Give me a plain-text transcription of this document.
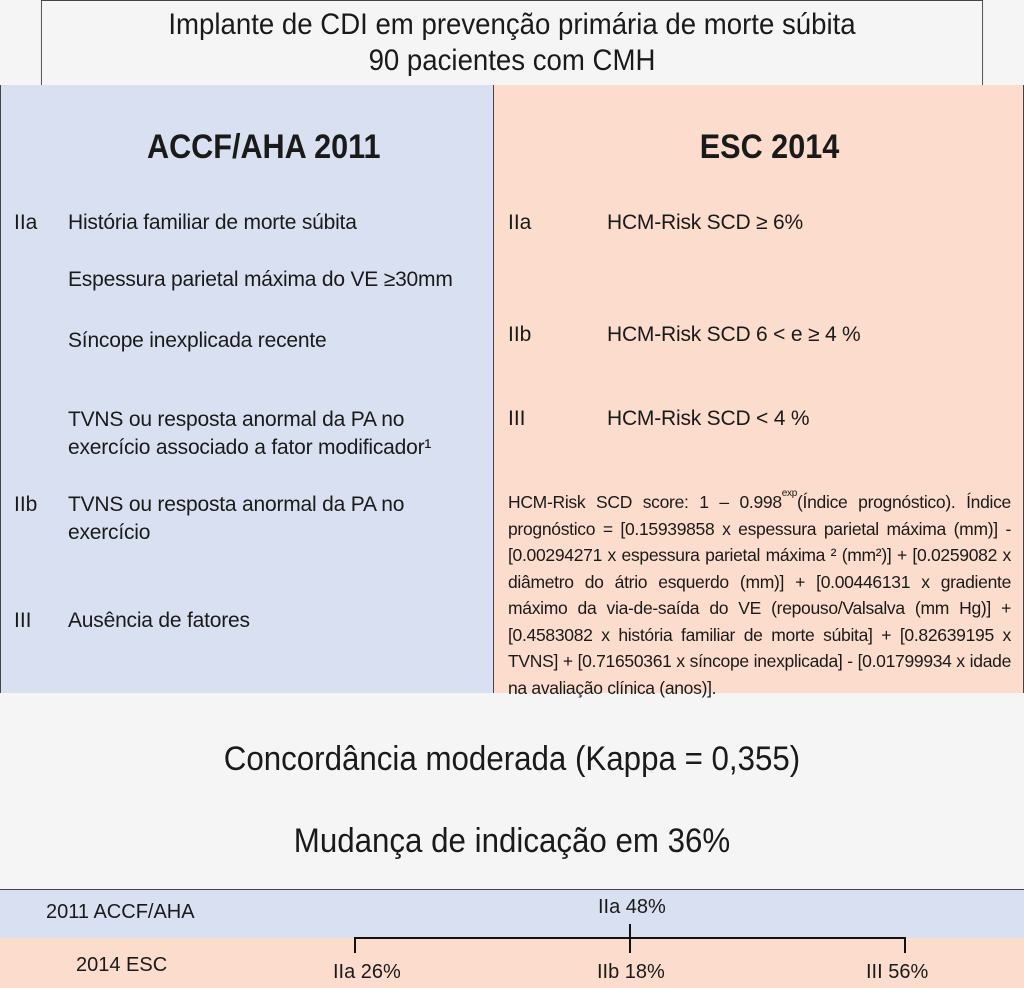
Implante de CDI em prevenção primária de morte súbita
90 pacientes com CMH
ACCF/AHA 2011	ESC 2014
IIa História familiar de morte súbita
Espessura parietal máxima do VE ≥30mm
Síncope inexplicada recente
TVNS ou resposta anormal da PA no
exercício associado a fator modificador¹
IIb TVNS ou resposta anormal da PA no
exercício
III Ausência de fatores
IIa	HCM-Risk SCD ≥ 6%
IIb	HCM-Risk SCD 6 < e ≥ 4 %
III	HCM-Risk SCD < 4 %
HCM-Risk SCD score: $1 - 0.998^{exp}(Índice$ prognóstico). Índice prognóstico = [0.15939858 x espessura parietal máxima (mm)] - [0.00294271 x espessura parietal máxima ² (mm²)] + [0.0259082 x diâmetro do átrio esquerdo (mm)] + [0.00446131 x gradiente máximo da via-de-saída do VE (repouso/Valsalva (mm Hg)] + [0.4583082 x história familiar de morte súbita] + [0.82639195 x TVNS] + [0.71650361 x síncope inexplicada] - [0.01799934 x idade na avaliação clínica (anos)].
Concordância moderada (Kappa = 0,355)
Mudança de indicação em 36%
2011 ACCF/AHA	IIa 48%
2014 ESC	IIa 26%	IIb 18%	III 56%
